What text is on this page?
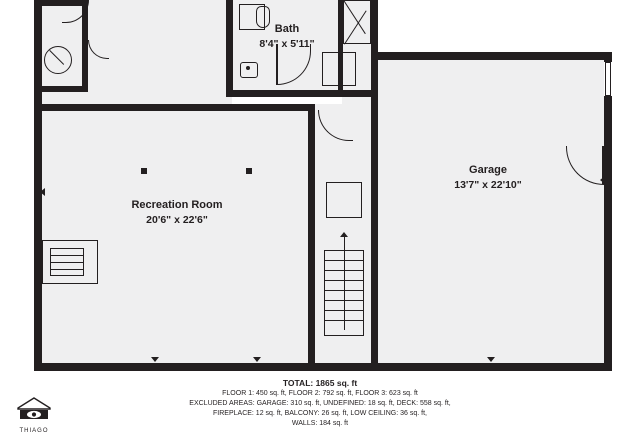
Bath
8'4" x 5'11"
Recreation Room
20'6" x 22'6"
Garage
13'7" x 22'10"
TOTAL: 1865 sq. ft
FLOOR 1: 450 sq. ft, FLOOR 2: 792 sq. ft, FLOOR 3: 623 sq. ft
EXCLUDED AREAS: GARAGE: 310 sq. ft, UNDEFINED: 18 sq. ft, DECK: 558 sq. ft,
FIREPLACE: 12 sq. ft, BALCONY: 26 sq. ft, LOW CEILING: 36 sq. ft,
WALLS: 184 sq. ft
THIAGO
